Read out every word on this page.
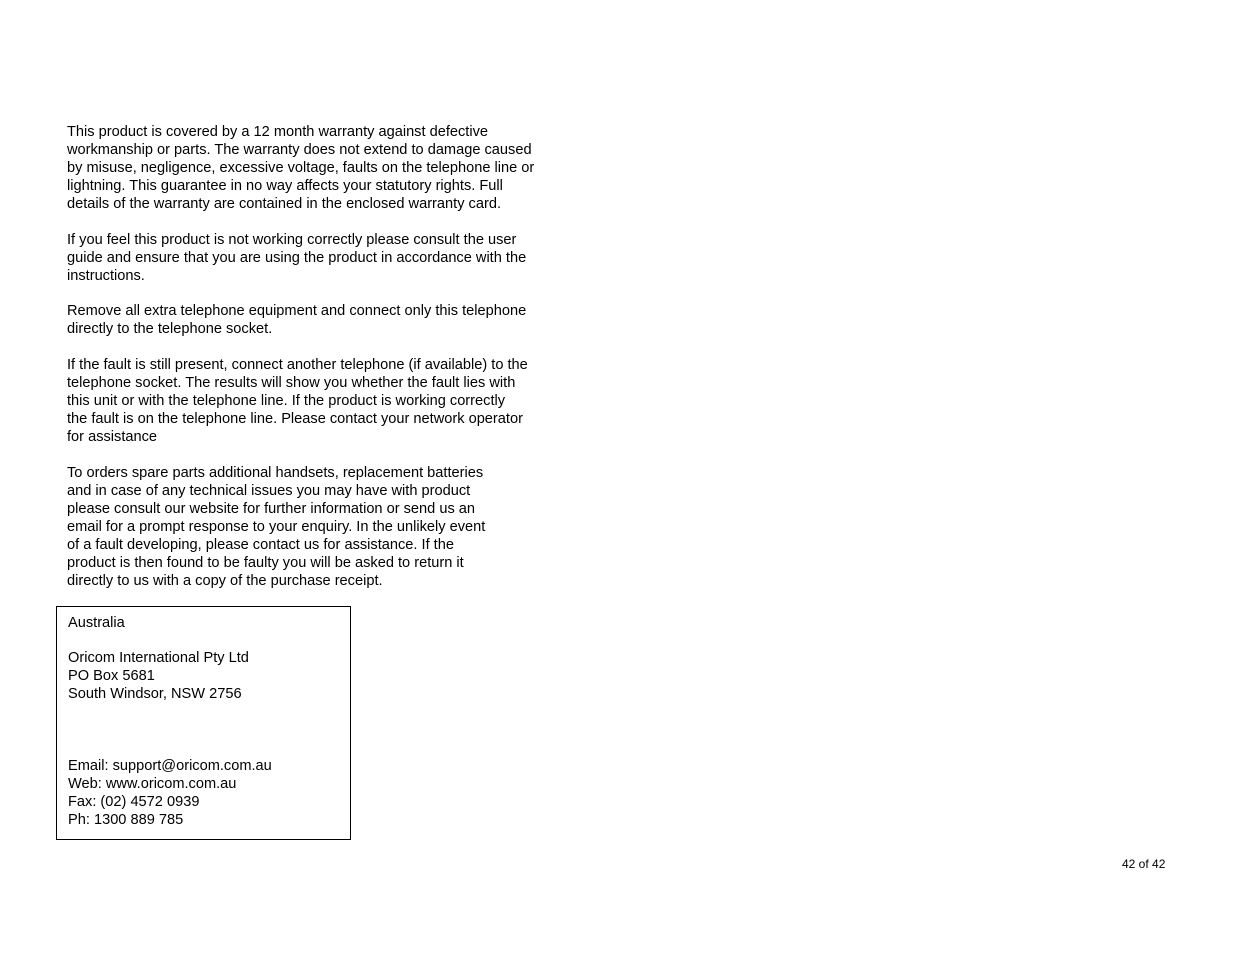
This product is covered by a 12 month warranty against defective
workmanship or parts. The warranty does not extend to damage caused
by misuse, negligence, excessive voltage, faults on the telephone line or
lightning. This guarantee in no way affects your statutory rights. Full
details of the warranty are contained in the enclosed warranty card.

If you feel this product is not working correctly please consult the user
guide and ensure that you are using the product in accordance with the
instructions.

Remove all extra telephone equipment and connect only this telephone
directly to the telephone socket.

If the fault is still present, connect another telephone (if available) to the
telephone socket. The results will show you whether the fault lies with
this unit or with the telephone line. If the product is working correctly
the fault is on the telephone line. Please contact your network operator
for assistance

To orders spare parts additional handsets, replacement batteries
and in case of any technical issues you may have with product
please consult our website for further information or send us an
email for a prompt response to your enquiry. In the unlikely event
of a fault developing, please contact us for assistance. If the
product is then found to be faulty you will be asked to return it
directly to us with a copy of the purchase receipt.

Australia
Oricom International Pty Ltd
PO Box 5681
South Windsor, NSW 2756
Email: support@oricom.com.au
Web: www.oricom.com.au
Fax: (02) 4572 0939
Ph: 1300 889 785
42 of 42
